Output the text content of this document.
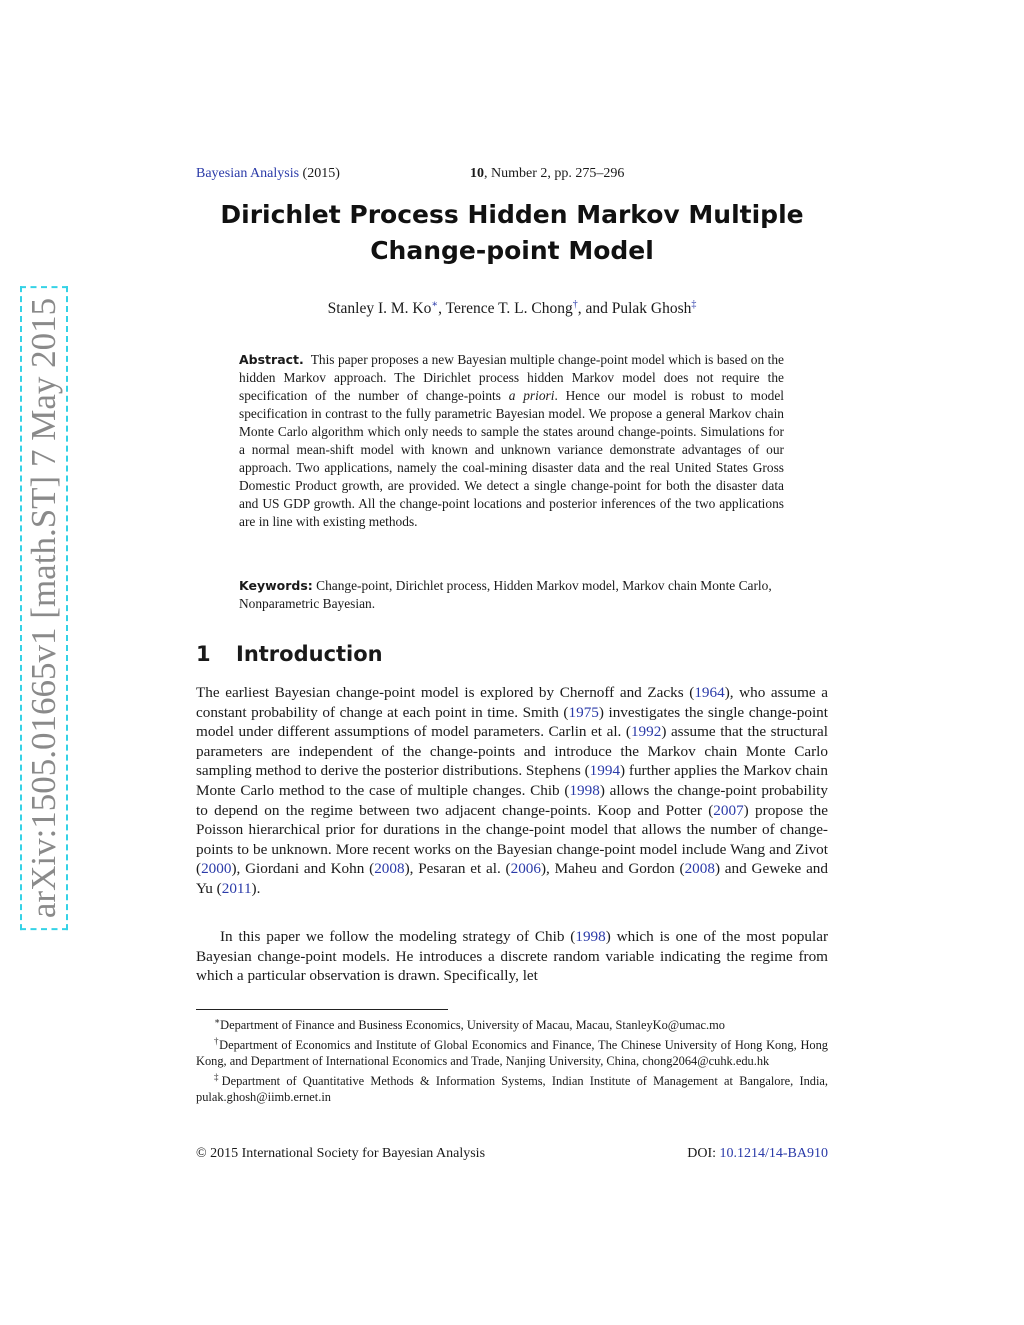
arXiv:1505.01665v1 [math.ST] 7 May 2015
Bayesian Analysis (2015)	10, Number 2, pp. 275–296
Dirichlet Process Hidden Markov Multiple
Change-point Model
Stanley I. M. Ko∗, Terence T. L. Chong†, and Pulak Ghosh‡
Abstract. This paper proposes a new Bayesian multiple change-point model which is based on the hidden Markov approach. The Dirichlet process hidden Markov model does not require the specification of the number of change-points a priori. Hence our model is robust to model specification in contrast to the fully parametric Bayesian model. We propose a general Markov chain Monte Carlo algorithm which only needs to sample the states around change-points. Simulations for a normal mean-shift model with known and unknown variance demonstrate advantages of our approach. Two applications, namely the coal-mining disaster data and the real United States Gross Domestic Product growth, are provided. We detect a single change-point for both the disaster data and US GDP growth. All the change-point locations and posterior inferences of the two applications are in line with existing methods.
Keywords: Change-point, Dirichlet process, Hidden Markov model, Markov chain Monte Carlo, Nonparametric Bayesian.
1 Introduction
The earliest Bayesian change-point model is explored by Chernoff and Zacks (1964), who assume a constant probability of change at each point in time. Smith (1975) investigates the single change-point model under different assumptions of model parameters. Carlin et al. (1992) assume that the structural parameters are independent of the change-points and introduce the Markov chain Monte Carlo sampling method to derive the posterior distributions. Stephens (1994) further applies the Markov chain Monte Carlo method to the case of multiple changes. Chib (1998) allows the change-point probability to depend on the regime between two adjacent change-points. Koop and Potter (2007) propose the Poisson hierarchical prior for durations in the change-point model that allows the number of change-points to be unknown. More recent works on the Bayesian change-point model include Wang and Zivot (2000), Giordani and Kohn (2008), Pesaran et al. (2006), Maheu and Gordon (2008) and Geweke and Yu (2011).
In this paper we follow the modeling strategy of Chib (1998) which is one of the most popular Bayesian change-point models. He introduces a discrete random variable indicating the regime from which a particular observation is drawn. Specifically, let

∗Department of Finance and Business Economics, University of Macau, Macau, StanleyKo@umac.mo

†Department of Economics and Institute of Global Economics and Finance, The Chinese University of Hong Kong, Hong Kong, and Department of International Economics and Trade, Nanjing University, China, chong2064@cuhk.edu.hk

‡Department of Quantitative Methods & Information Systems, Indian Institute of Management at Bangalore, India, pulak.ghosh@iimb.ernet.in

© 2015 International Society for Bayesian Analysis	DOI: 10.1214/14-BA910
